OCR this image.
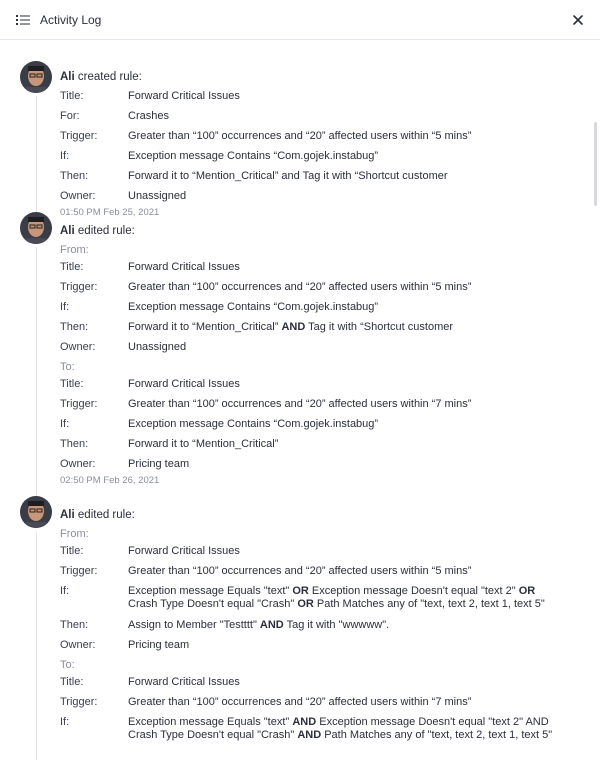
Activity Log
Ali created rule:
Title:	Forward Critical Issues
For:	Crashes
Trigger:	Greater than “100” occurrences and “20” affected users within “5 mins”
If:	Exception message Contains “Com.gojek.instabug”
Then:	Forward it to “Mention_Critical” and Tag it with “Shortcut customer
Owner:	Unassigned
01:50 PM Feb 25, 2021
Ali edited rule:
From:
Title:	Forward Critical Issues
Trigger:	Greater than “100” occurrences and “20” affected users within “5 mins”
If:	Exception message Contains “Com.gojek.instabug”
Then:	Forward it to “Mention_Critical” AND Tag it with “Shortcut customer
Owner:	Unassigned
To:
Title:	Forward Critical Issues
Trigger:	Greater than “100” occurrences and “20” affected users within “7 mins”
If:	Exception message Contains “Com.gojek.instabug”
Then:	Forward it to “Mention_Critical”
Owner:	Pricing team
02:50 PM Feb 26, 2021
Ali edited rule:
From:
Title:	Forward Critical Issues
Trigger:	Greater than “100” occurrences and “20” affected users within “5 mins”
If:	Exception message Equals "text" OR Exception message Doesn't equal "text 2" OR
Crash Type Doesn't equal "Crash" OR Path Matches any of "text, text 2, text 1, text 5"
Then:	Assign to Member "Testttt" AND Tag it with "wwwww".
Owner:	Pricing team
To:
Title:	Forward Critical Issues
Trigger:	Greater than “100” occurrences and “20” affected users within “7 mins”
If:	Exception message Equals "text" AND Exception message Doesn't equal "text 2" AND
Crash Type Doesn't equal "Crash" AND Path Matches any of "text, text 2, text 1, text 5"
